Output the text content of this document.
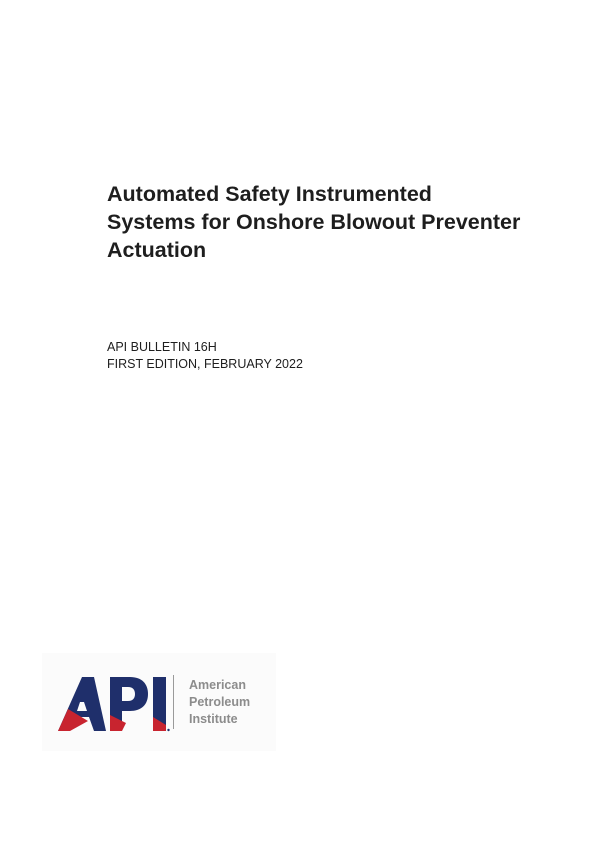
Automated Safety Instrumented
Systems for Onshore Blowout Preventer
Actuation
API BULLETIN 16H
FIRST EDITION, FEBRUARY 2022
American
Petroleum
Institute
